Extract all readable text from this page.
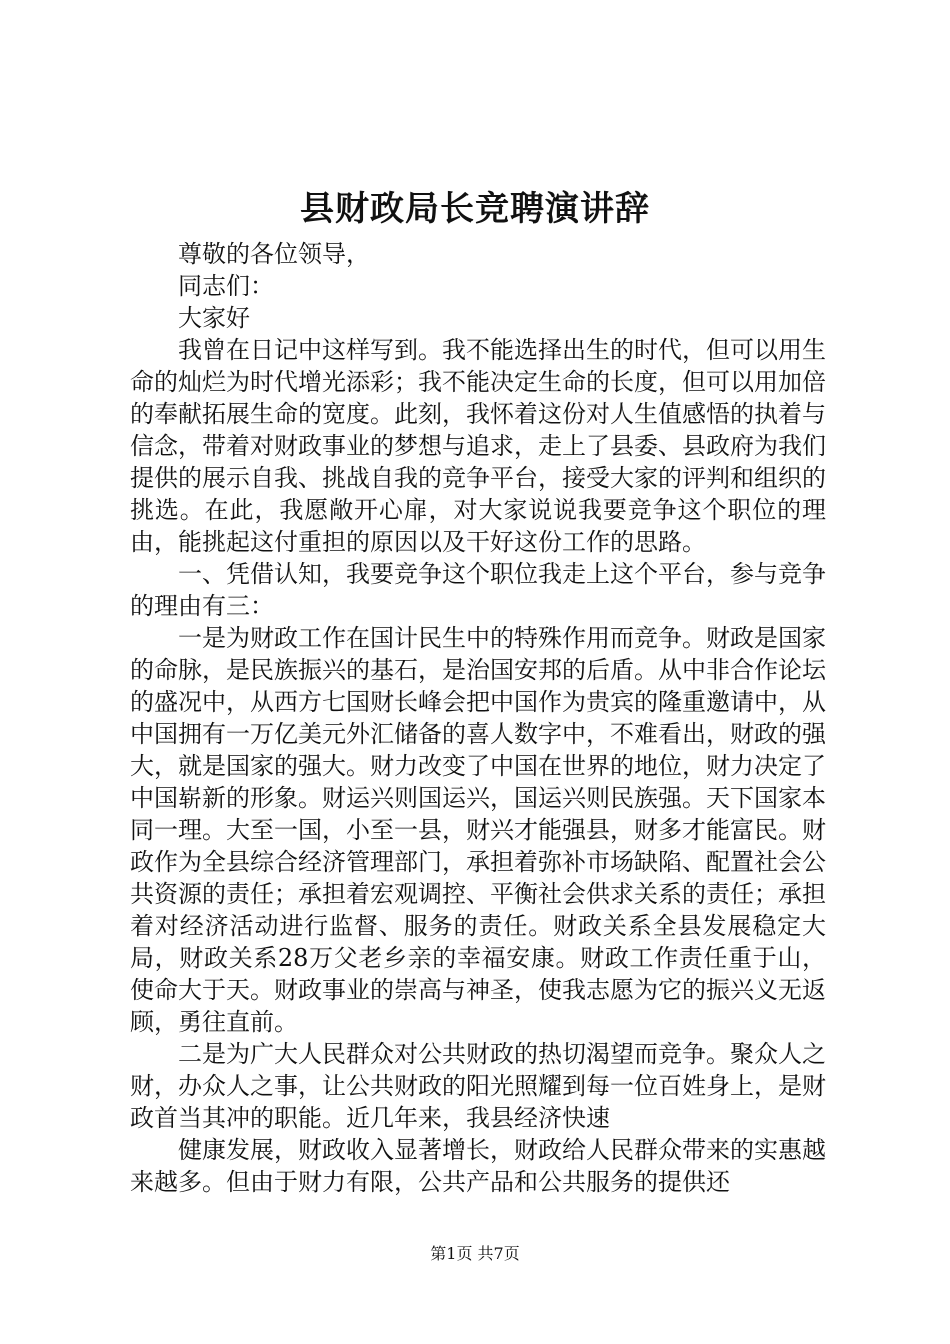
县财政局长竞聘演讲辞

尊敬的各位领导，

同志们：

大家好

我曾在日记中这样写到。我不能选择出生的时代，但可以用生命的灿烂为时代增光添彩；我不能决定生命的长度，但可以用加倍的奉献拓展生命的宽度。此刻，我怀着这份对人生值感悟的执着与信念，带着对财政事业的梦想与追求，走上了县委、县政府为我们提供的展示自我、挑战自我的竞争平台，接受大家的评判和组织的挑选。在此，我愿敞开心扉，对大家说说我要竞争这个职位的理由，能挑起这付重担的原因以及干好这份工作的思路。

一、凭借认知，我要竞争这个职位我走上这个平台，参与竞争的理由有三：

一是为财政工作在国计民生中的特殊作用而竞争。财政是国家的命脉，是民族振兴的基石，是治国安邦的后盾。从中非合作论坛的盛况中，从西方七国财长峰会把中国作为贵宾的隆重邀请中，从中国拥有一万亿美元外汇储备的喜人数字中，不难看出，财政的强大，就是国家的强大。财力改变了中国在世界的地位，财力决定了中国崭新的形象。财运兴则国运兴，国运兴则民族强。天下国家本同一理。大至一国，小至一县，财兴才能强县，财多才能富民。财政作为全县综合经济管理部门，承担着弥补市场缺陷、配置社会公共资源的责任；承担着宏观调控、平衡社会供求关系的责任；承担着对经济活动进行监督、服务的责任。财政关系全县发展稳定大局，财政关系28万父老乡亲的幸福安康。财政工作责任重于山，使命大于天。财政事业的崇高与神圣，使我志愿为它的振兴义无返顾，勇往直前。

二是为广大人民群众对公共财政的热切渴望而竞争。聚众人之财，办众人之事，让公共财政的阳光照耀到每一位百姓身上，是财政首当其冲的职能。近几年来，我县经济快速

健康发展，财政收入显著增长，财政给人民群众带来的实惠越来越多。但由于财力有限，公共产品和公共服务的提供还

第1页 共7页
